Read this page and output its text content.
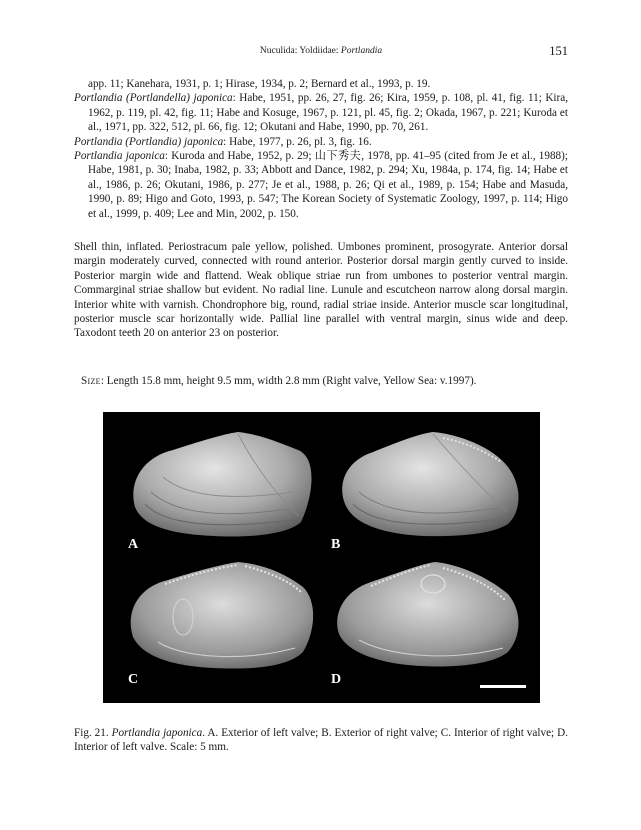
Nuculida: Yoldiidae: Portlandia	151

app. 11; Kanehara, 1931, p. 1; Hirase, 1934, p. 2; Bernard et al., 1993, p. 19.

Portlandia (Portlandella) japonica: Habe, 1951, pp. 26, 27, fig. 26; Kira, 1959, p. 108, pl. 41, fig. 11; Kira, 1962, p. 119, pl. 42, fig. 11; Habe and Kosuge, 1967, p. 121, pl. 45, fig. 2; Okada, 1967, p. 221; Kuroda et al., 1971, pp. 322, 512, pl. 66, fig. 12; Okutani and Habe, 1990, pp. 70, 261.

Portlandia (Portlandia) japonica: Habe, 1977, p. 26, pl. 3, fig. 16.

Portlandia japonica: Kuroda and Habe, 1952, p. 29; 山下秀夫, 1978, pp. 41–95 (cited from Je et al., 1988); Habe, 1981, p. 30; Inaba, 1982, p. 33; Abbott and Dance, 1982, p. 294; Xu, 1984a, p. 174, fig. 14; Habe et al., 1986, p. 26; Okutani, 1986, p. 277; Je et al., 1988, p. 26; Qi et al., 1989, p. 154; Habe and Masuda, 1990, p. 89; Higo and Goto, 1993, p. 547; The Korean Society of Systematic Zoology, 1997, p. 114; Higo et al., 1999, p. 409; Lee and Min, 2002, p. 150.

Shell thin, inflated. Periostracum pale yellow, polished. Umbones prominent, prosogyrate. Anterior dorsal margin moderately curved, connected with round anterior. Posterior dorsal margin gently curved to inside. Posterior margin wide and flattend. Weak oblique striae run from umbones to posterior ventral margin. Commarginal striae shallow but evident. No radial line. Lunule and escutcheon narrow along dorsal margin. Interior white with varnish. Chondrophore big, round, radial striae inside. Anterior muscle scar longitudinal, posterior muscle scar horizontally wide. Pallial line parallel with ventral margin, sinus wide and deep. Taxodont teeth 20 on anterior 23 on posterior.

Size: Length 15.8 mm, height 9.5 mm, width 2.8 mm (Right valve, Yellow Sea: v.1997).

A	B
C	D

Fig. 21. Portlandia japonica. A. Exterior of left valve; B. Exterior of right valve; C. Interior of right valve; D. Interior of left valve. Scale: 5 mm.
